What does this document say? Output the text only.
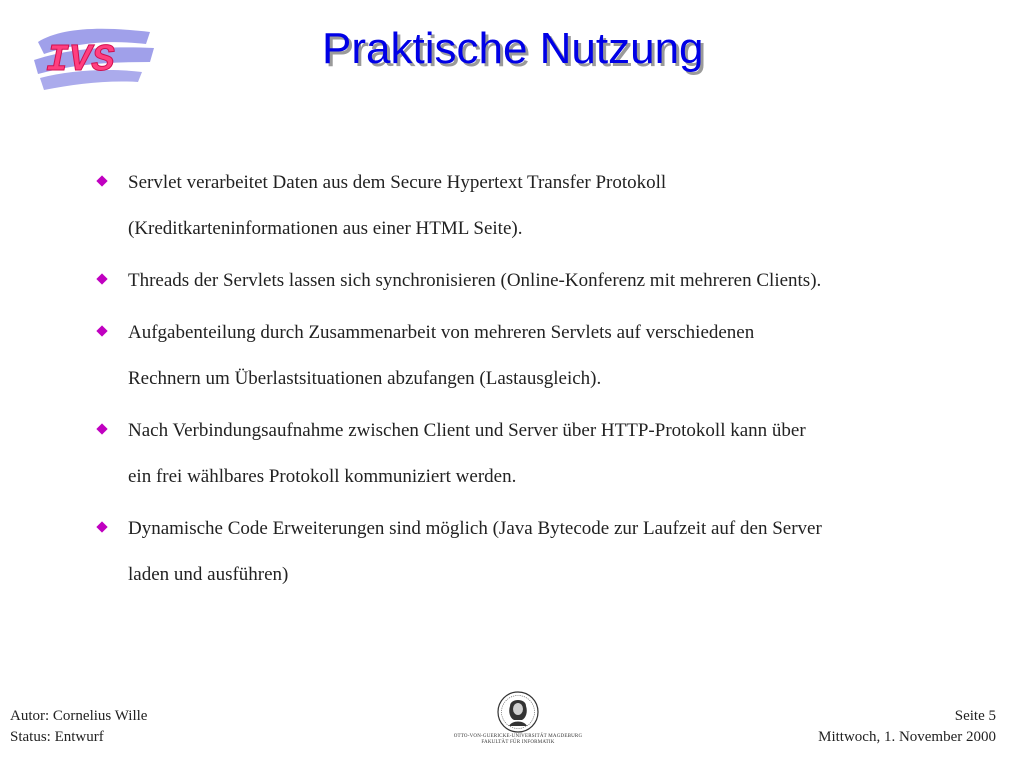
IVS	Praktische Nutzung
Servlet verarbeitet Daten aus dem Secure Hypertext Transfer Protokoll
(Kreditkarteninformationen aus einer HTML Seite).
Threads der Servlets lassen sich synchronisieren (Online-Konferenz mit mehreren Clients).
Aufgabenteilung durch Zusammenarbeit von mehreren Servlets auf verschiedenen
Rechnern um Überlastsituationen abzufangen (Lastausgleich).
Nach Verbindungsaufnahme zwischen Client und Server über HTTP-Protokoll kann über
ein frei wählbares Protokoll kommuniziert werden.
Dynamische Code Erweiterungen sind möglich (Java Bytecode zur Laufzeit auf den Server
laden und ausführen)
Autor: Cornelius Wille
Status: Entwurf	OTTO-VON-GUERICKE-UNIVERSITÄT MAGDEBURG
FAKULTÄT FÜR INFORMATIK
Seite 5
Mittwoch, 1. November 2000
